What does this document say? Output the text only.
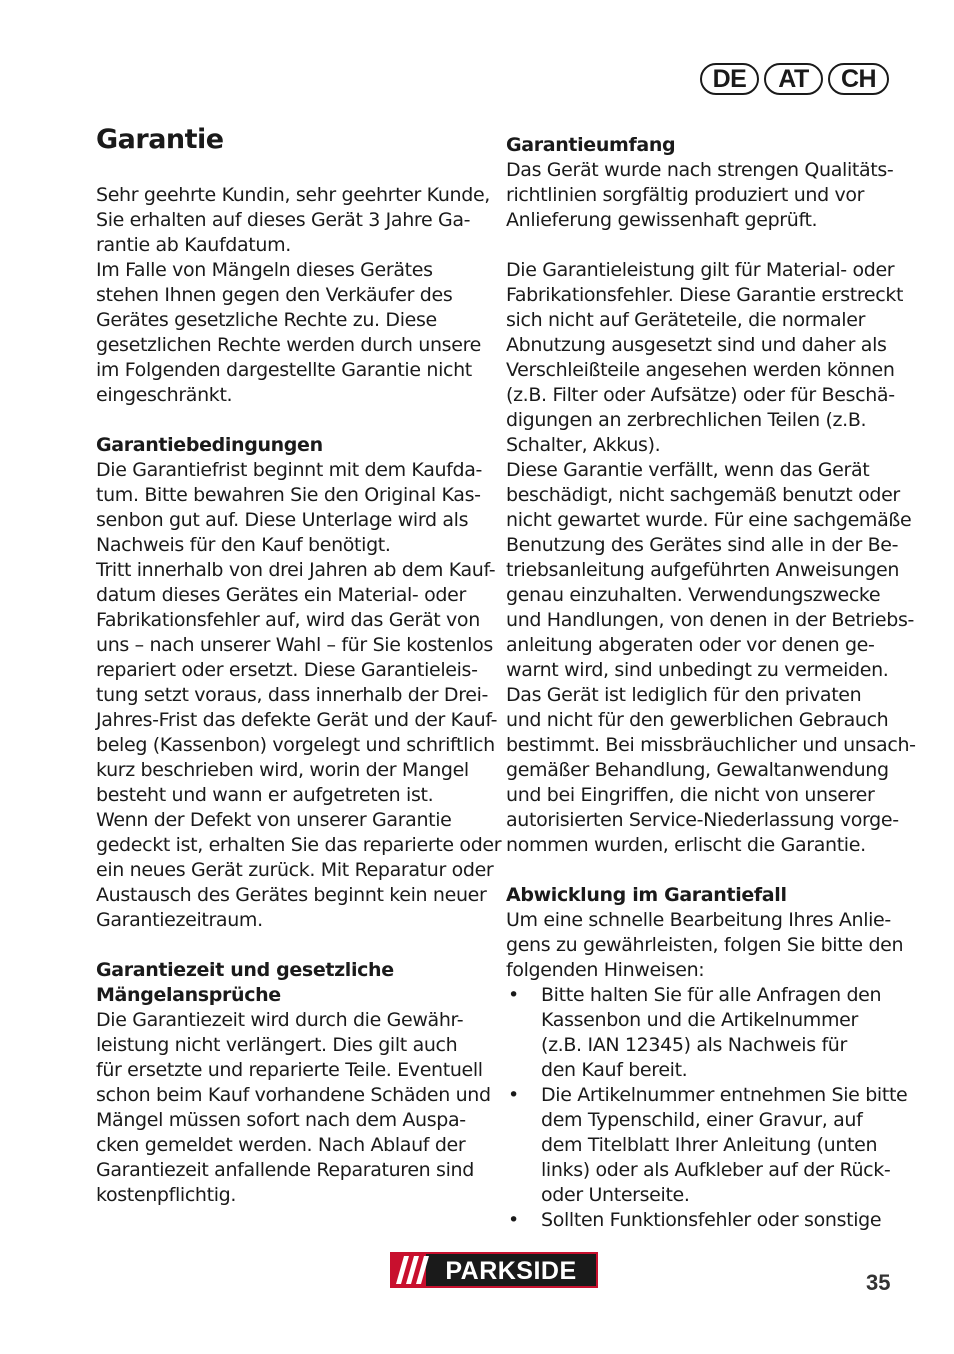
DE	AT	CH
Garantie

Sehr geehrte Kundin, sehr geehrter Kunde,
Sie erhalten auf dieses Gerät 3 Jahre Ga-
rantie ab Kaufdatum.

Im Falle von Mängeln dieses Gerätes
stehen Ihnen gegen den Verkäufer des
Gerätes gesetzliche Rechte zu. Diese
gesetzlichen Rechte werden durch unsere
im Folgenden dargestellte Garantie nicht
eingeschränkt.

Garantiebedingungen

Die Garantiefrist beginnt mit dem Kaufda-
tum. Bitte bewahren Sie den Original Kas-
senbon gut auf. Diese Unterlage wird als
Nachweis für den Kauf benötigt.

Tritt innerhalb von drei Jahren ab dem Kauf-
datum dieses Gerätes ein Material- oder
Fabrikationsfehler auf, wird das Gerät von
uns – nach unserer Wahl – für Sie kostenlos
repariert oder ersetzt. Diese Garantieleis-
tung setzt voraus, dass innerhalb der Drei-
Jahres-Frist das defekte Gerät und der Kauf-
beleg (Kassenbon) vorgelegt und schriftlich
kurz beschrieben wird, worin der Mangel
besteht und wann er aufgetreten ist.

Wenn der Defekt von unserer Garantie
gedeckt ist, erhalten Sie das reparierte oder
ein neues Gerät zurück. Mit Reparatur oder
Austausch des Gerätes beginnt kein neuer
Garantiezeitraum.

Garantiezeit und gesetzliche
Mängelansprüche

Die Garantiezeit wird durch die Gewähr-
leistung nicht verlängert. Dies gilt auch
für ersetzte und reparierte Teile. Eventuell
schon beim Kauf vorhandene Schäden und
Mängel müssen sofort nach dem Auspa-
cken gemeldet werden. Nach Ablauf der
Garantiezeit anfallende Reparaturen sind
kostenpflichtig.

Garantieumfang

Das Gerät wurde nach strengen Qualitäts-
richtlinien sorgfältig produziert und vor
Anlieferung gewissenhaft geprüft.

Die Garantieleistung gilt für Material- oder
Fabrikationsfehler. Diese Garantie erstreckt
sich nicht auf Geräteteile, die normaler
Abnutzung ausgesetzt sind und daher als
Verschleißteile angesehen werden können
(z.B. Filter oder Aufsätze) oder für Beschä-
digungen an zerbrechlichen Teilen (z.B.
Schalter, Akkus).

Diese Garantie verfällt, wenn das Gerät
beschädigt, nicht sachgemäß benutzt oder
nicht gewartet wurde. Für eine sachgemäße
Benutzung des Gerätes sind alle in der Be-
triebsanleitung aufgeführten Anweisungen
genau einzuhalten. Verwendungszwecke
und Handlungen, von denen in der Betriebs-
anleitung abgeraten oder vor denen ge-
warnt wird, sind unbedingt zu vermeiden.

Das Gerät ist lediglich für den privaten
und nicht für den gewerblichen Gebrauch
bestimmt. Bei missbräuchlicher und unsach-
gemäßer Behandlung, Gewaltanwendung
und bei Eingriffen, die nicht von unserer
autorisierten Service-Niederlassung vorge-
nommen wurden, erlischt die Garantie.

Abwicklung im Garantiefall

Um eine schnelle Bearbeitung Ihres Anlie-
gens zu gewährleisten, folgen Sie bitte den
folgenden Hinweisen:

• Bitte halten Sie für alle Anfragen den
Kassenbon und die Artikelnummer
(z.B. IAN 12345) als Nachweis für
den Kauf bereit.
• Die Artikelnummer entnehmen Sie bitte
dem Typenschild, einer Gravur, auf
dem Titelblatt Ihrer Anleitung (unten
links) oder als Aufkleber auf der Rück-
oder Unterseite.
• Sollten Funktionsfehler oder sonstige
PARKSIDE	35
